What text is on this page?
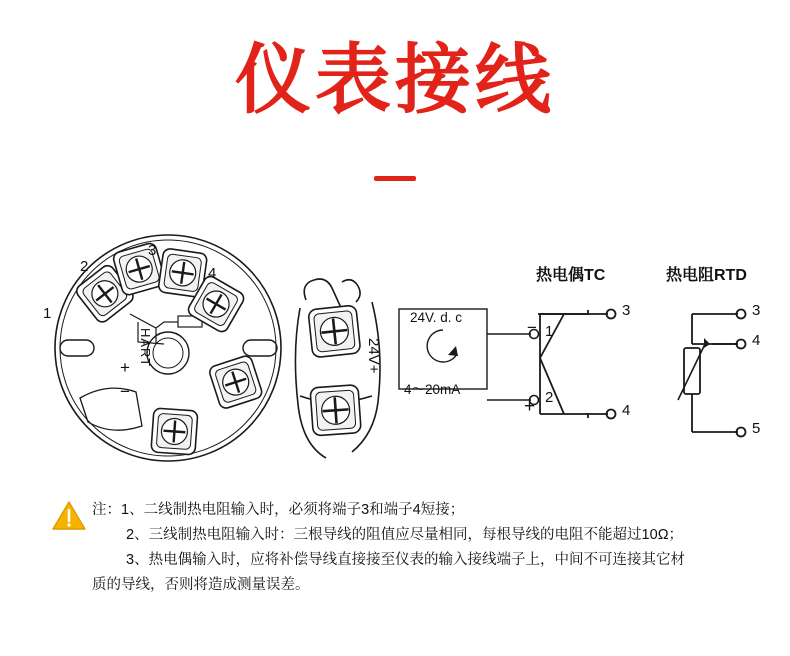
仪表接线
1
2
3
4
HART
+
−
24V+
24V. d. c
4～20mA
1
2
热电偶TC
3
4
−
+
热电阻RTD
3
4
5
注：1、二线制热电阻输入时，必须将端子3和端子4短接；
2、三线制热电阻输入时：三根导线的阻值应尽量相同，每根导线的电阻不能超过10Ω；
3、热电偶输入时，应将补偿导线直接接至仪表的输入接线端子上，中间不可连接其它材
质的导线，否则将造成测量误差。
